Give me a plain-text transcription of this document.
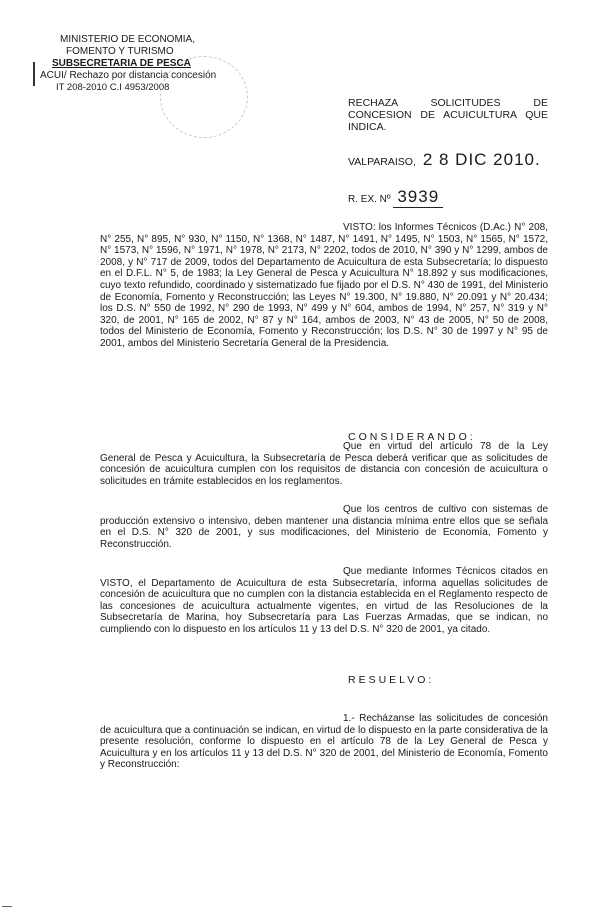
MINISTERIO DE ECONOMIA,
FOMENTO Y TURISMO
SUBSECRETARIA DE PESCA
ACUI/ Rechazo por distancia concesión
IT 208-2010 C.I 4953/2008
RECHAZA SOLICITUDES DE CONCESION DE ACUICULTURA QUE INDICA.
VALPARAISO, 2 8 DIC 2010.
R. EX. Nº 3939
VISTO: los Informes Técnicos (D.Ac.) N° 208, N° 255, N° 895, N° 930, N° 1150, N° 1368, N° 1487, N° 1491, N° 1495, N° 1503, N° 1565, N° 1572, N° 1573, N° 1596, N° 1971, N° 1978, N° 2173, N° 2202, todos de 2010, N° 390 y N° 1299, ambos de 2008, y N° 717 de 2009, todos del Departamento de Acuicultura de esta Subsecretaría; lo dispuesto en el D.F.L. N° 5, de 1983; la Ley General de Pesca y Acuicultura N° 18.892 y sus modificaciones, cuyo texto refundido, coordinado y sistematizado fue fijado por el D.S. N° 430 de 1991, del Ministerio de Economía, Fomento y Reconstrucción; las Leyes N° 19.300, N° 19.880, N° 20.091 y N° 20.434; los D.S. N° 550 de 1992, N° 290 de 1993, N° 499 y N° 604, ambos de 1994, N° 257, N° 319 y N° 320, de 2001, N° 165 de 2002, N° 87 y N° 164, ambos de 2003, N° 43 de 2005, N° 50 de 2008, todos del Ministerio de Economía, Fomento y Reconstrucción; los D.S. N° 30 de 1997 y N° 95 de 2001, ambos del Ministerio Secretaría General de la Presidencia.
CONSIDERANDO:
Que en virtud del artículo 78 de la Ley General de Pesca y Acuicultura, la Subsecretaría de Pesca deberá verificar que as solicitudes de concesión de acuicultura cumplen con los requisitos de distancia con concesión de acuicultura o solicitudes en trámite establecidos en los reglamentos.
Que los centros de cultivo con sistemas de producción extensivo o intensivo, deben mantener una distancia mínima entre ellos que se señala en el D.S. N° 320 de 2001, y sus modificaciones, del Ministerio de Economía, Fomento y Reconstrucción.
Que mediante Informes Técnicos citados en VISTO, el Departamento de Acuicultura de esta Subsecretaría, informa aquellas solicitudes de concesión de acuicultura que no cumplen con la distancia establecida en el Reglamento respecto de las concesiones de acuicultura actualmente vigentes, en virtud de las Resoluciones de la Subsecretaría de Marina, hoy Subsecretaría para Las Fuerzas Armadas, que se indican, no cumpliendo con lo dispuesto en los artículos 11 y 13 del D.S. N° 320 de 2001, ya citado.
RESUELVO:
1.- Recházanse las solicitudes de concesión de acuicultura que a continuación se indican, en virtud de lo dispuesto en la parte considerativa de la presente resolución, conforme lo dispuesto en el artículo 78 de la Ley General de Pesca y Acuicultura y en los artículos 11 y 13 del D.S. N° 320 de 2001, del Ministerio de Economía, Fomento y Reconstrucción:
